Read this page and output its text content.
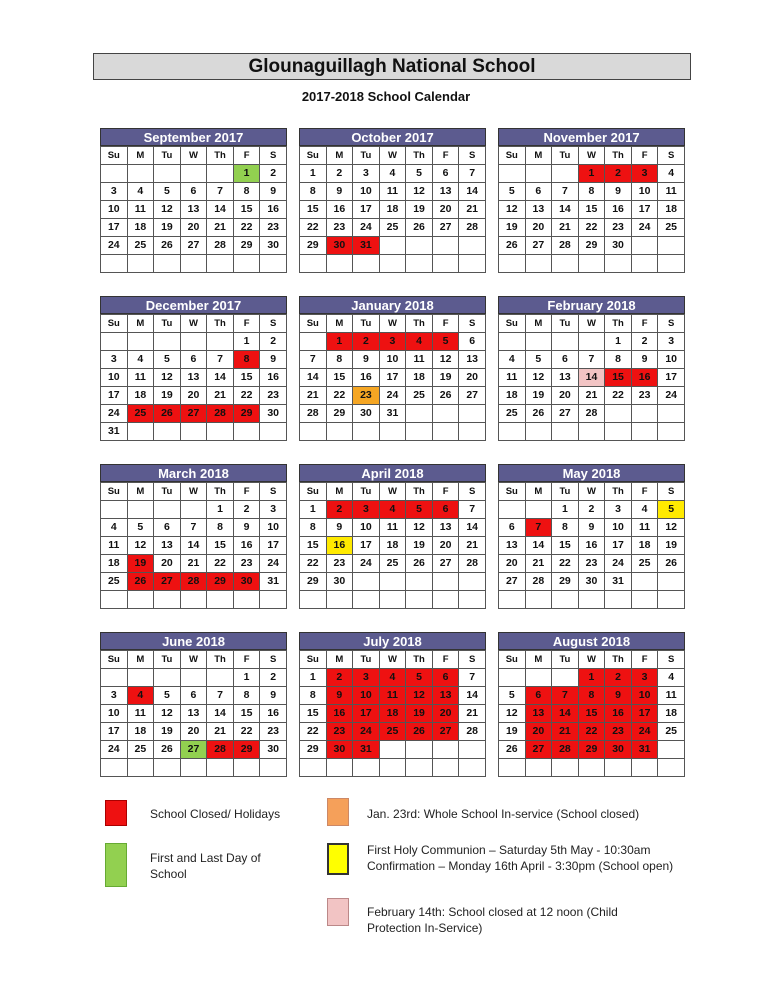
Glounaguillagh National School
2017-2018 School Calendar
September 2017
Su	M	Tu	W	Th	F	S
					1	2
3	4	5	6	7	8	9
10	11	12	13	14	15	16
17	18	19	20	21	22	23
24	25	26	27	28	29	30

October 2017
Su	M	Tu	W	Th	F	S
1	2	3	4	5	6	7
8	9	10	11	12	13	14
15	16	17	18	19	20	21
22	23	24	25	26	27	28
29	30	31				

November 2017
Su	M	Tu	W	Th	F	S
			1	2	3	4
5	6	7	8	9	10	11
12	13	14	15	16	17	18
19	20	21	22	23	24	25
26	27	28	29	30		

December 2017
Su	M	Tu	W	Th	F	S
					1	2
3	4	5	6	7	8	9
10	11	12	13	14	15	16
17	18	19	20	21	22	23
24	25	26	27	28	29	30
31						
January 2018
Su	M	Tu	W	Th	F	S
	1	2	3	4	5	6
7	8	9	10	11	12	13
14	15	16	17	18	19	20
21	22	23	24	25	26	27
28	29	30	31			

February 2018
Su	M	Tu	W	Th	F	S
				1	2	3
4	5	6	7	8	9	10
11	12	13	14	15	16	17
18	19	20	21	22	23	24
25	26	27	28			

March 2018
Su	M	Tu	W	Th	F	S
				1	2	3
4	5	6	7	8	9	10
11	12	13	14	15	16	17
18	19	20	21	22	23	24
25	26	27	28	29	30	31

April 2018
Su	M	Tu	W	Th	F	S
1	2	3	4	5	6	7
8	9	10	11	12	13	14
15	16	17	18	19	20	21
22	23	24	25	26	27	28
29	30					

May 2018
Su	M	Tu	W	Th	F	S
		1	2	3	4	5
6	7	8	9	10	11	12
13	14	15	16	17	18	19
20	21	22	23	24	25	26
27	28	29	30	31		

June 2018
Su	M	Tu	W	Th	F	S
					1	2
3	4	5	6	7	8	9
10	11	12	13	14	15	16
17	18	19	20	21	22	23
24	25	26	27	28	29	30

July 2018
Su	M	Tu	W	Th	F	S
1	2	3	4	5	6	7
8	9	10	11	12	13	14
15	16	17	18	19	20	21
22	23	24	25	26	27	28
29	30	31				

August 2018
Su	M	Tu	W	Th	F	S
			1	2	3	4
5	6	7	8	9	10	11
12	13	14	15	16	17	18
19	20	21	22	23	24	25
26	27	28	29	30	31	

School Closed/ Holidays
First and Last Day of School
Jan. 23rd: Whole School In-service (School closed)
First Holy Communion – Saturday 5th May - 10:30am
Confirmation – Monday 16th April - 3:30pm (School open)
February 14th: School closed at 12 noon (Child Protection In-Service)
